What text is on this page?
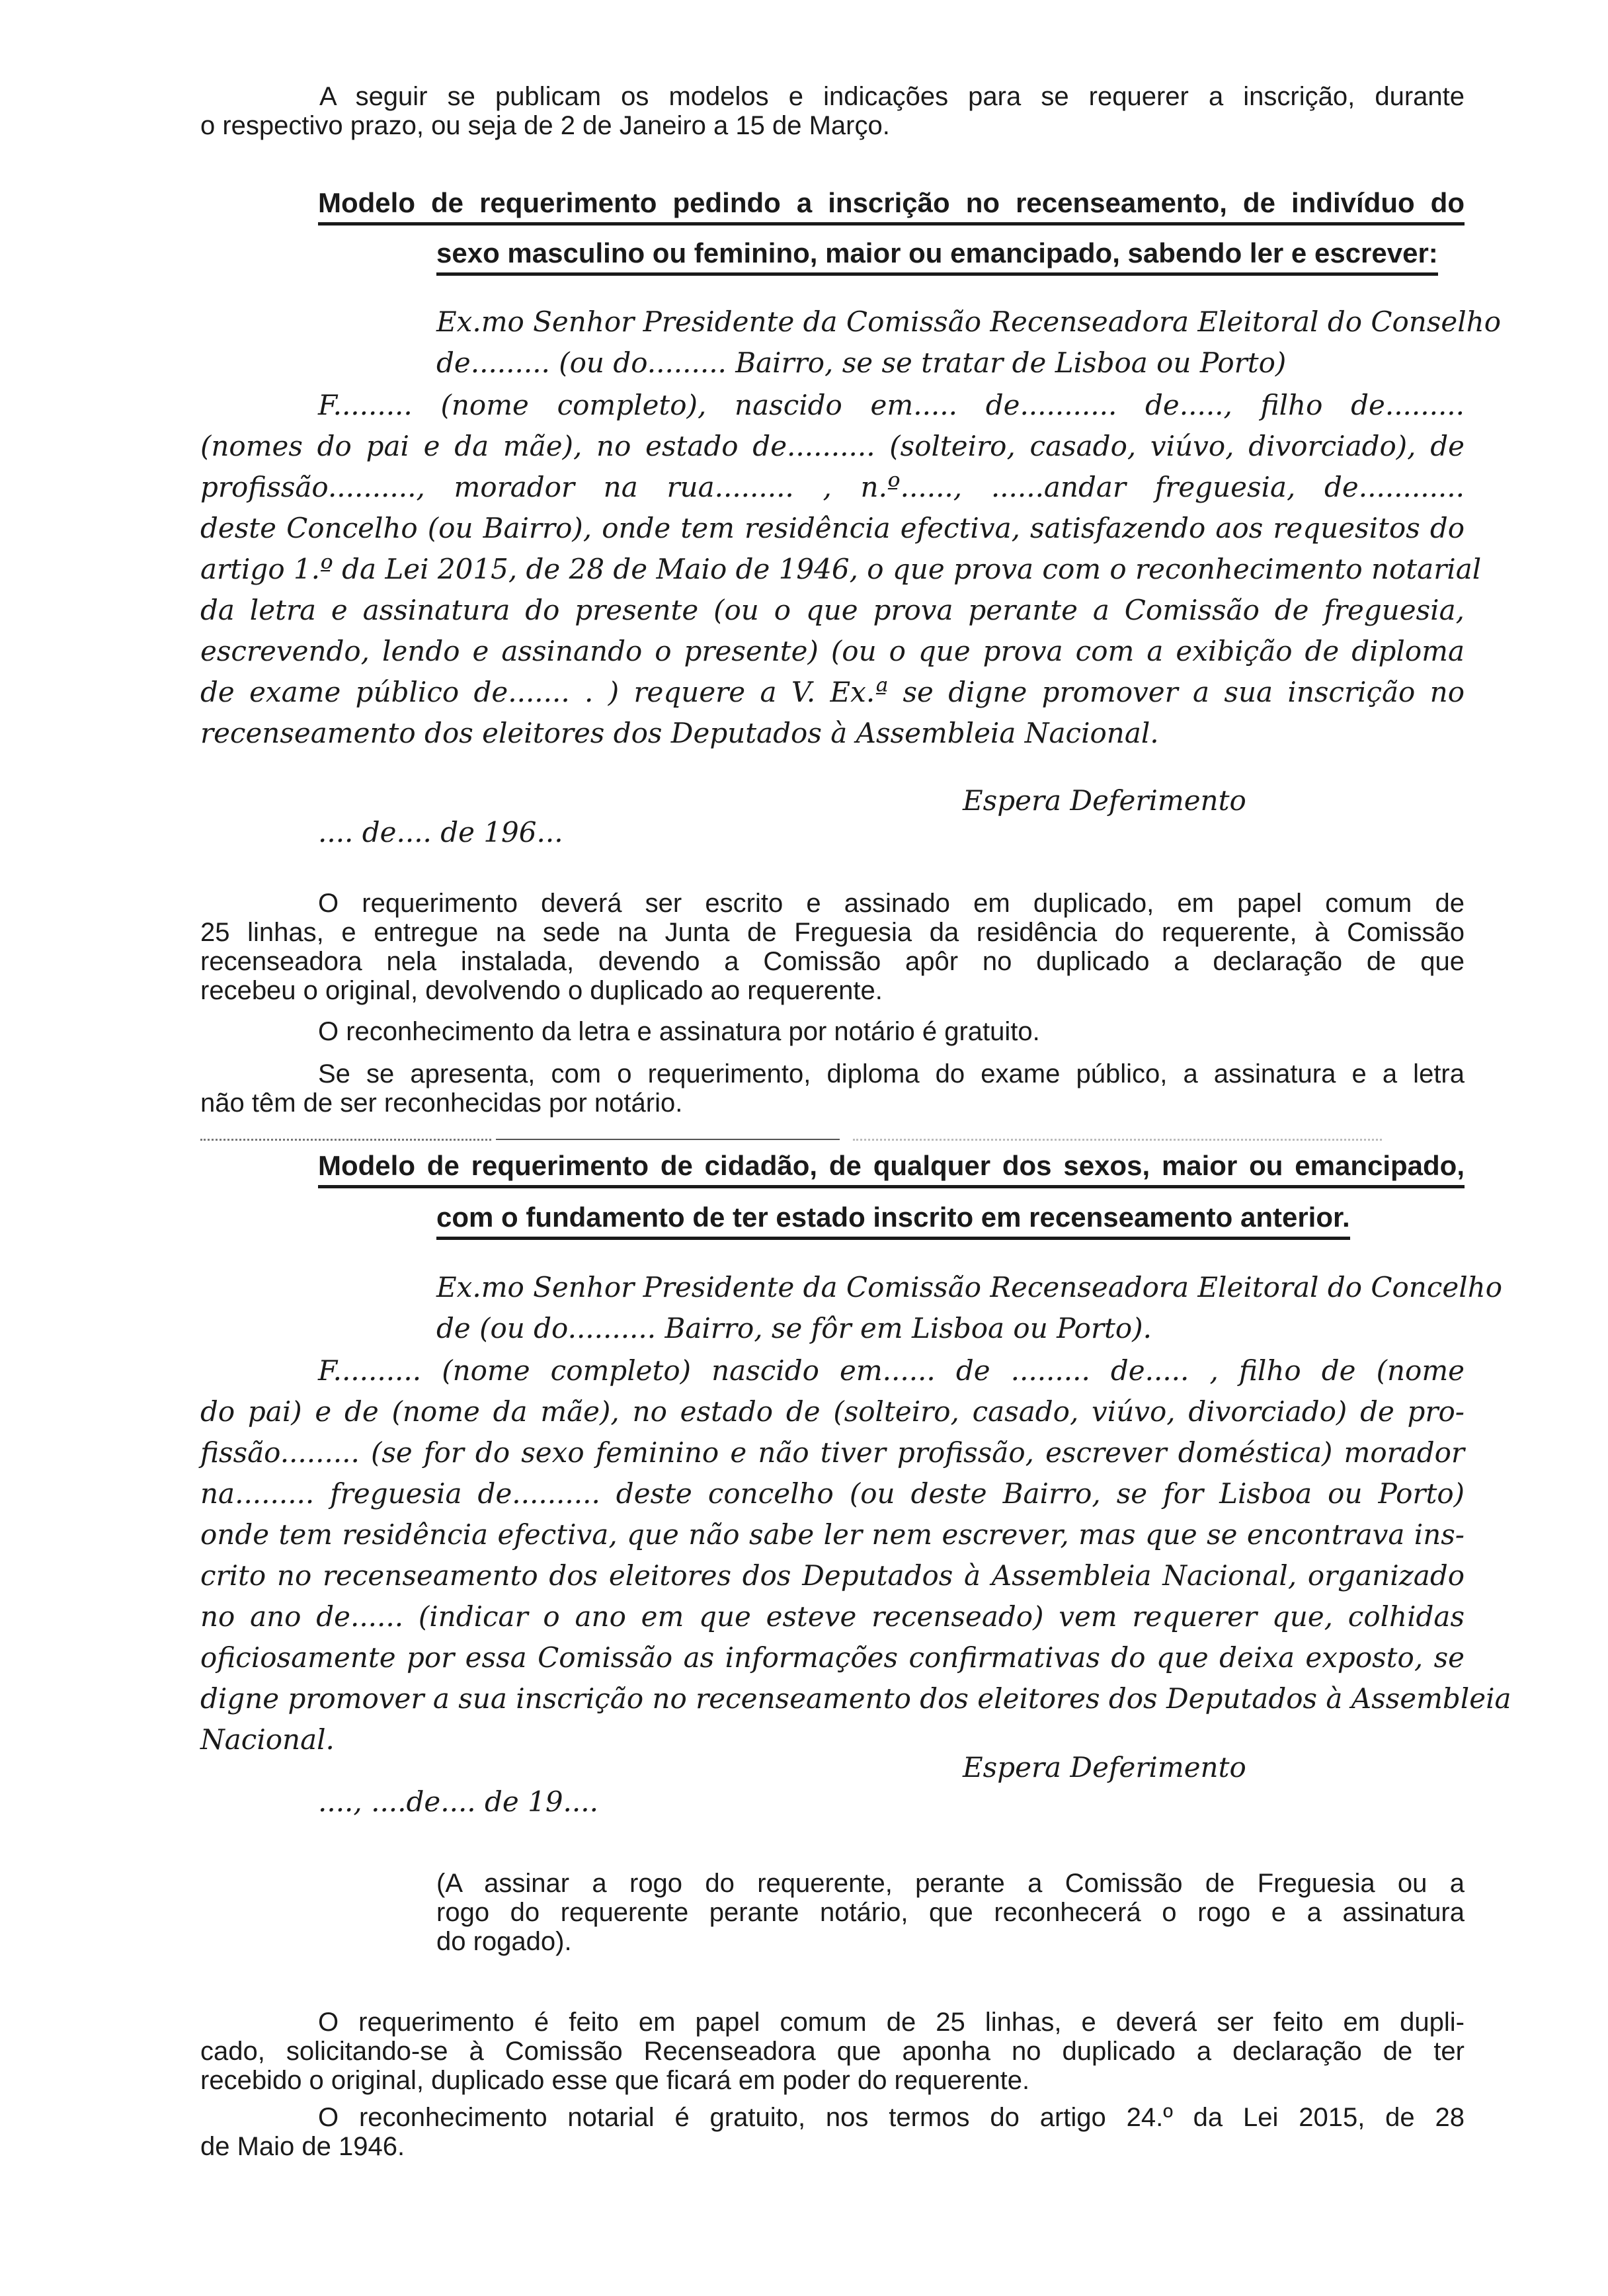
A seguir se publicam os modelos e indicações para se requerer a inscrição, durante
o respectivo prazo, ou seja de 2 de Janeiro a 15 de Março.
Modelo de requerimento pedindo a inscrição no recenseamento, de indivíduo do
sexo masculino ou feminino, maior ou emancipado, sabendo ler e escrever:
Ex.mo Senhor Presidente da Comissão Recenseadora Eleitoral do Conselho
de......... (ou do......... Bairro, se se tratar de Lisboa ou Porto)
F......... (nome completo), nascido em..... de........... de....., filho de.........
(nomes do pai e da mãe), no estado de.......... (solteiro, casado, viúvo, divorciado), de
profissão.........., morador na rua......... , n.º......, ......andar freguesia, de............
deste Concelho (ou Bairro), onde tem residência efectiva, satisfazendo aos requesitos do
artigo 1.º da Lei 2015, de 28 de Maio de 1946, o que prova com o reconhecimento notarial
da letra e assinatura do presente (ou o que prova perante a Comissão de freguesia,
escrevendo, lendo e assinando o presente) (ou o que prova com a exibição de diploma
de exame público de....... . ) requere a V. Ex.ª se digne promover a sua inscrição no
recenseamento dos eleitores dos Deputados à Assembleia Nacional.
Espera Deferimento
.... de.... de 196...
O requerimento deverá ser escrito e assinado em duplicado, em papel comum de
25 linhas, e entregue na sede na Junta de Freguesia da residência do requerente, à Comissão
recenseadora nela instalada, devendo a Comissão apôr no duplicado a declaração de que
recebeu o original, devolvendo o duplicado ao requerente.
O reconhecimento da letra e assinatura por notário é gratuito.
Se se apresenta, com o requerimento, diploma do exame público, a assinatura e a letra
não têm de ser reconhecidas por notário.
Modelo de requerimento de cidadão, de qualquer dos sexos, maior ou emancipado,
com o fundamento de ter estado inscrito em recenseamento anterior.
Ex.mo Senhor Presidente da Comissão Recenseadora Eleitoral do Concelho
de (ou do.......... Bairro, se fôr em Lisboa ou Porto).
F.......... (nome completo) nascido em...... de ......... de..... , filho de (nome
do pai) e de (nome da mãe), no estado de (solteiro, casado, viúvo, divorciado) de pro-
fissão......... (se for do sexo feminino e não tiver profissão, escrever doméstica) morador
na......... freguesia de.......... deste concelho (ou deste Bairro, se for Lisboa ou Porto)
onde tem residência efectiva, que não sabe ler nem escrever, mas que se encontrava ins-
crito no recenseamento dos eleitores dos Deputados à Assembleia Nacional, organizado
no ano de...... (indicar o ano em que esteve recenseado) vem requerer que, colhidas
oficiosamente por essa Comissão as informações confirmativas do que deixa exposto, se
digne promover a sua inscrição no recenseamento dos eleitores dos Deputados à Assembleia
Nacional.
Espera Deferimento
...., ....de.... de 19....
(A assinar a rogo do requerente, perante a Comissão de Freguesia ou a
rogo do requerente perante notário, que reconhecerá o rogo e a assinatura
do rogado).
O requerimento é feito em papel comum de 25 linhas, e deverá ser feito em dupli-
cado, solicitando-se à Comissão Recenseadora que aponha no duplicado a declaração de ter
recebido o original, duplicado esse que ficará em poder do requerente.
O reconhecimento notarial é gratuito, nos termos do artigo 24.º da Lei 2015, de 28
de Maio de 1946.
